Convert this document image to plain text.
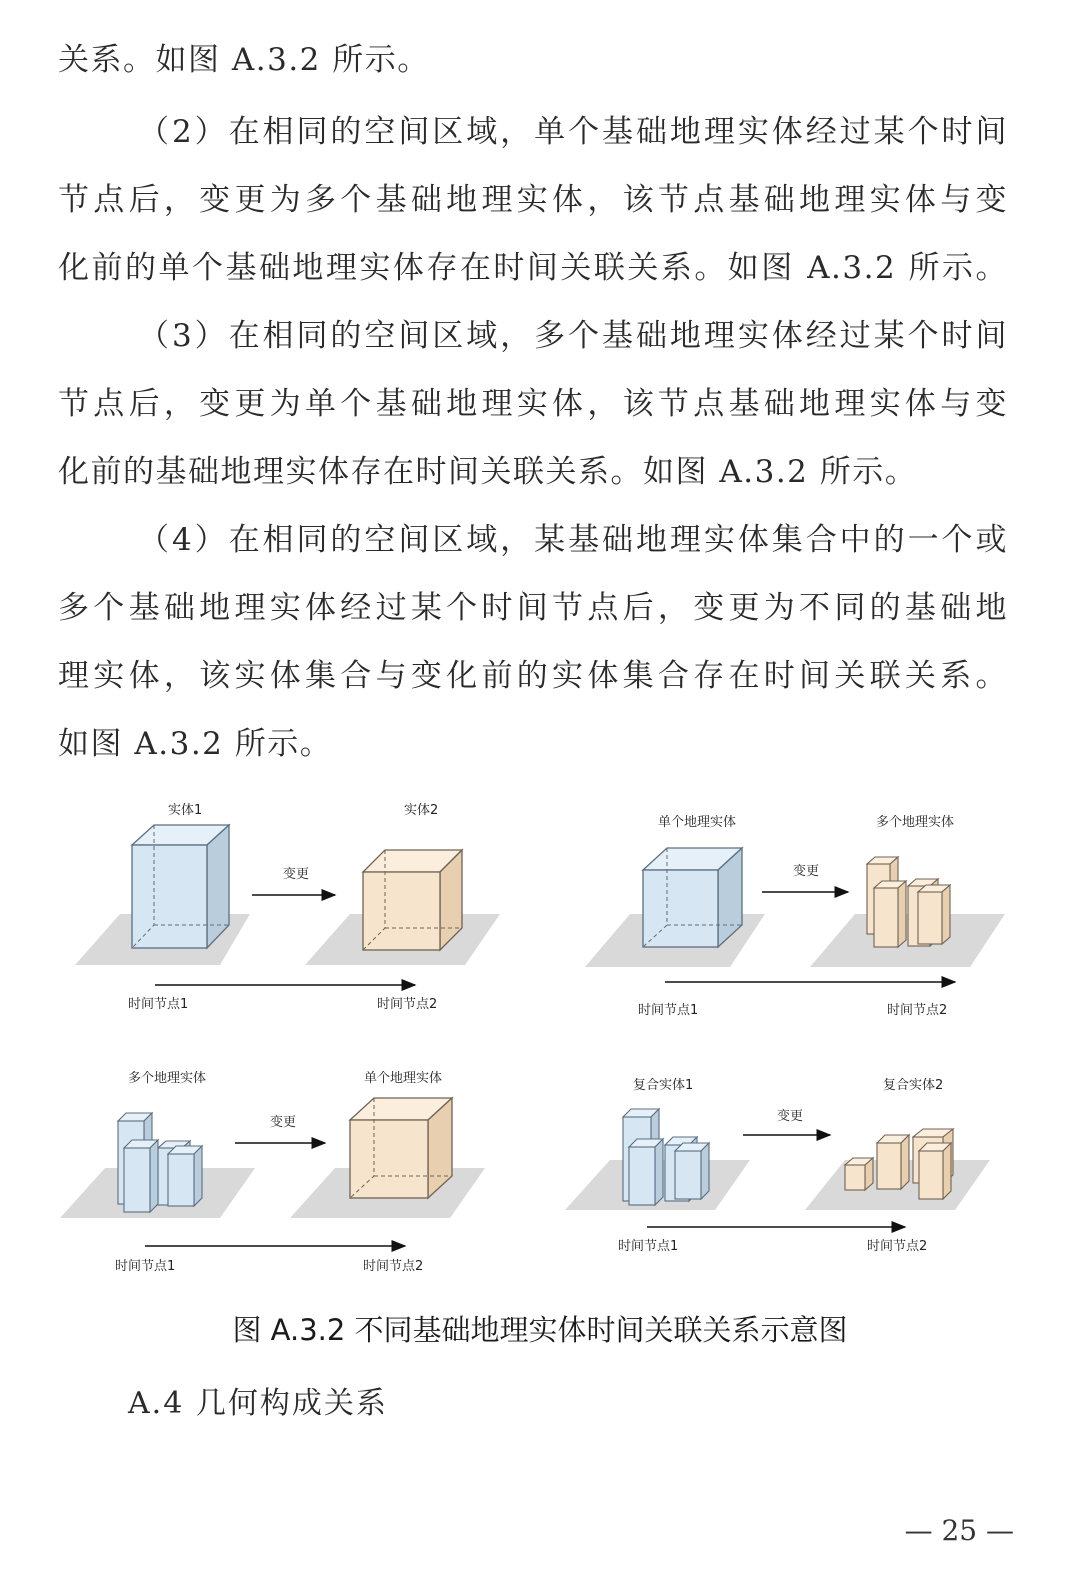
关系。如图 A.3.2 所示。
（2）在相同的空间区域，单个基础地理实体经过某个时间
节点后，变更为多个基础地理实体，该节点基础地理实体与变
化前的单个基础地理实体存在时间关联关系。如图 A.3.2 所示。
（3）在相同的空间区域，多个基础地理实体经过某个时间
节点后，变更为单个基础地理实体，该节点基础地理实体与变
化前的基础地理实体存在时间关联关系。如图 A.3.2 所示。
（4）在相同的空间区域，某基础地理实体集合中的一个或
多个基础地理实体经过某个时间节点后，变更为不同的基础地
理实体，该实体集合与变化前的实体集合存在时间关联关系。
如图 A.3.2 所示。
实体1	实体2
变更
时间节点1	时间节点2
单个地理实体	多个地理实体
变更
时间节点1	时间节点2
多个地理实体	单个地理实体
变更
时间节点1	时间节点2
复合实体1	复合实体2
变更
时间节点1	时间节点2
图 A.3.2 不同基础地理实体时间关联关系示意图
A.4 几何构成关系
— 25 —
